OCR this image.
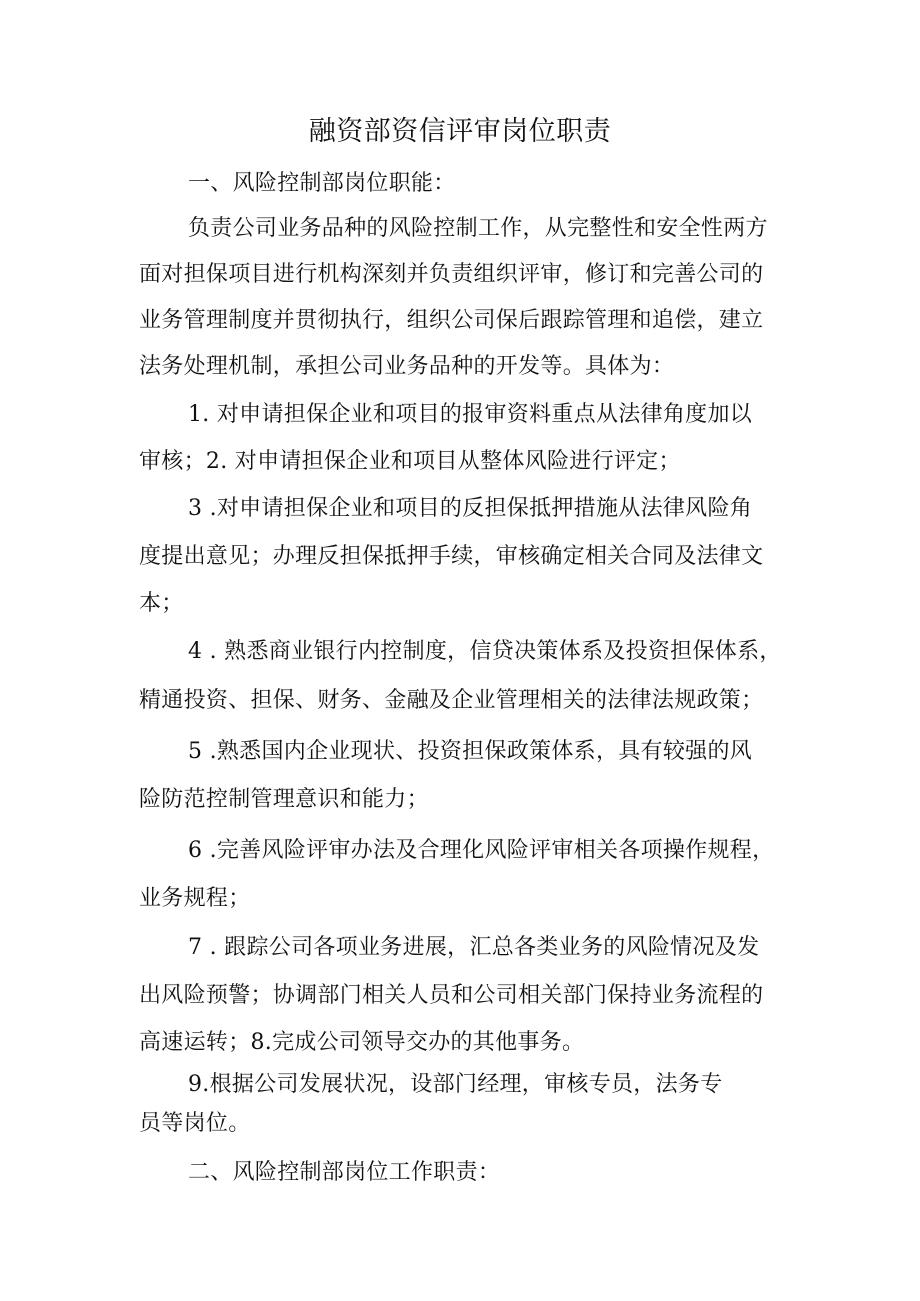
融资部资信评审岗位职责

一、风险控制部岗位职能：

负责公司业务品种的风险控制工作，从完整性和安全性两方

面对担保项目进行机构深刻并负责组织评审，修订和完善公司的

业务管理制度并贯彻执行，组织公司保后跟踪管理和追偿，建立

法务处理机制，承担公司业务品种的开发等。具体为：

1. 对申请担保企业和项目的报审资料重点从法律角度加以

审核；2. 对申请担保企业和项目从整体风险进行评定；

3 .对申请担保企业和项目的反担保抵押措施从法律风险角

度提出意见；办理反担保抵押手续，审核确定相关合同及法律文

本；

4 . 熟悉商业银行内控制度，信贷决策体系及投资担保体系，

精通投资、担保、财务、金融及企业管理相关的法律法规政策；

5 .熟悉国内企业现状、投资担保政策体系，具有较强的风

险防范控制管理意识和能力；

6 .完善风险评审办法及合理化风险评审相关各项操作规程，

业务规程；

7 . 跟踪公司各项业务进展，汇总各类业务的风险情况及发

出风险预警；协调部门相关人员和公司相关部门保持业务流程的

高速运转；8.完成公司领导交办的其他事务。

9.根据公司发展状况，设部门经理，审核专员，法务专

员等岗位。

二、风险控制部岗位工作职责：
